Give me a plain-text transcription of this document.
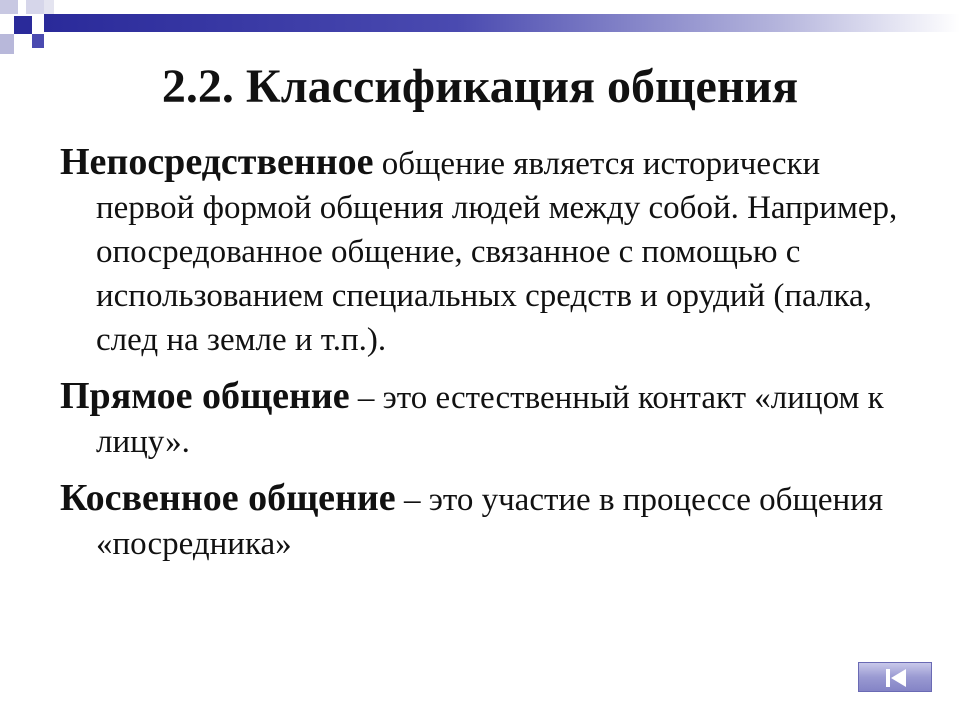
2.2. Классификация общения

Непосредственное общение является исторически первой формой общения людей между собой. Например, опосредованное общение, связанное с помощью с использованием специальных средств и орудий (палка, след на земле и т.п.).

Прямое общение – это естественный контакт «лицом к лицу».

Косвенное общение – это участие в процессе общения «посредника»
